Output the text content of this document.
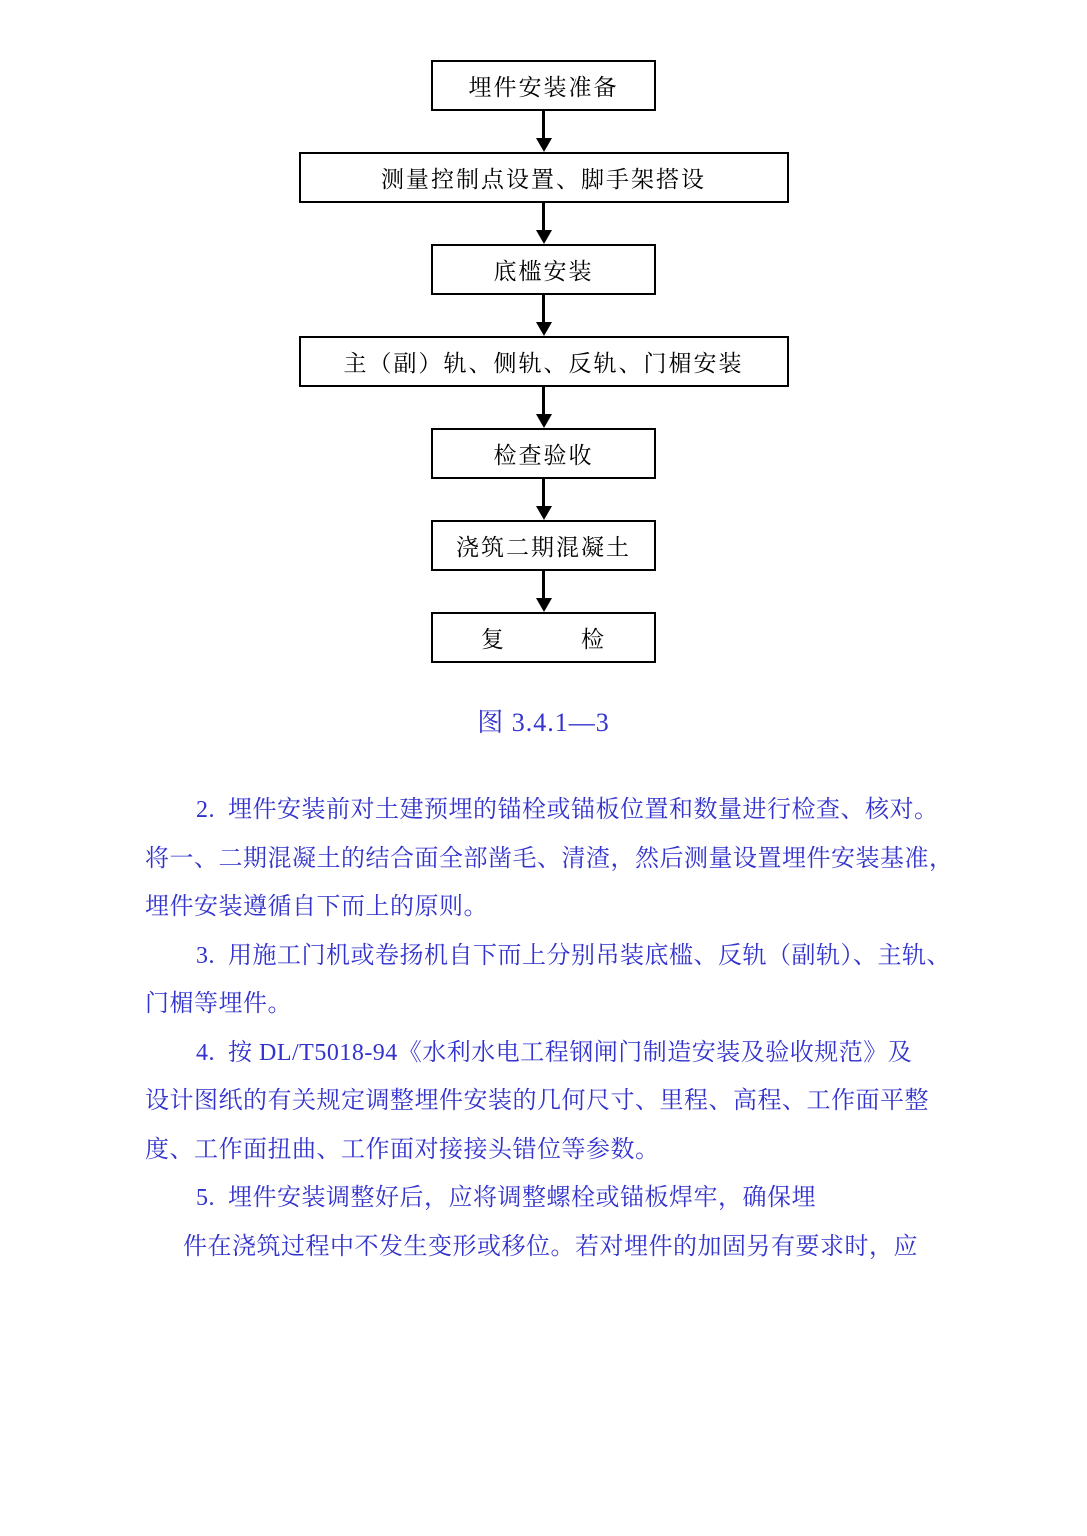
埋件安装准备
测量控制点设置、脚手架搭设
底槛安装
主（副）轨、侧轨、反轨、门楣安装
检查验收
浇筑二期混凝土
复　　　检
图 3.4.1—3
2.  埋件安装前对土建预埋的锚栓或锚板位置和数量进行检查、核对。
将一、二期混凝土的结合面全部凿毛、清渣，然后测量设置埋件安装基准，
埋件安装遵循自下而上的原则。
3.  用施工门机或卷扬机自下而上分别吊装底槛、反轨（副轨）、主轨、
门楣等埋件。
4.  按 DL/T5018-94《水利水电工程钢闸门制造安装及验收规范》及
设计图纸的有关规定调整埋件安装的几何尺寸、里程、高程、工作面平整
度、工作面扭曲、工作面对接接头错位等参数。
5.  埋件安装调整好后，应将调整螺栓或锚板焊牢，确保埋
件在浇筑过程中不发生变形或移位。若对埋件的加固另有要求时，应
